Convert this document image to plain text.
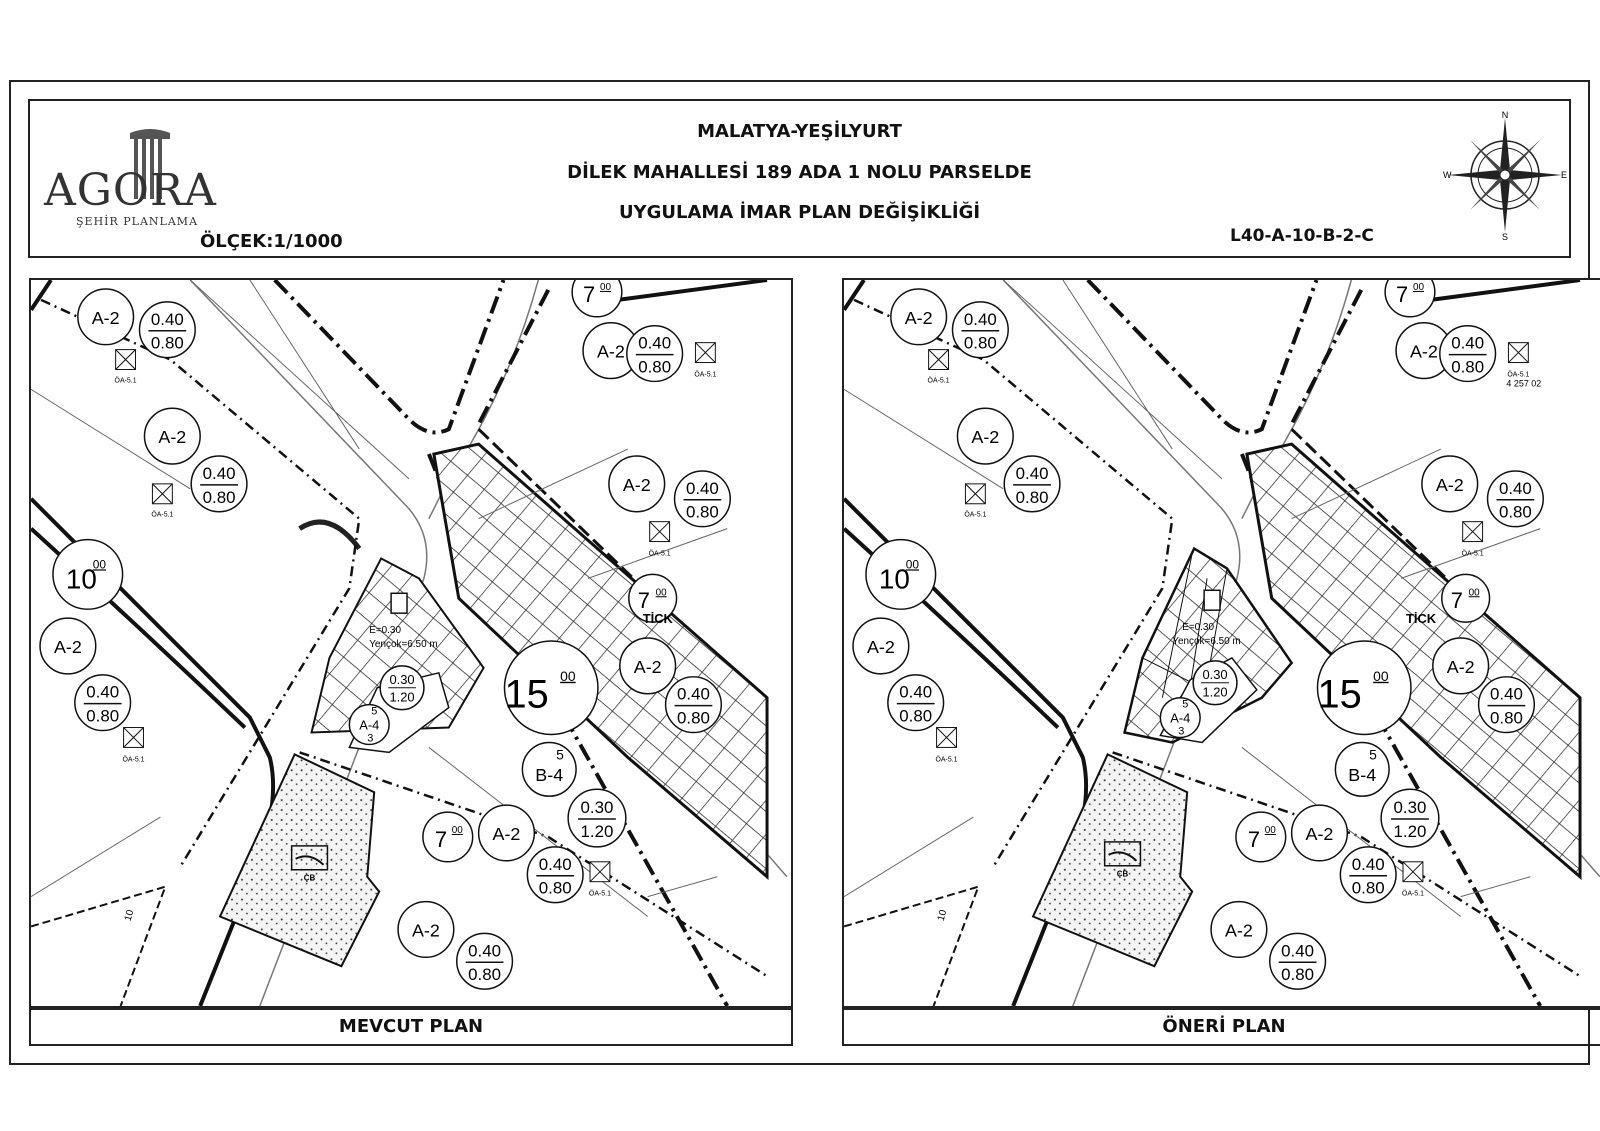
AGORA
ŞEHİR PLANLAMA
MALATYA-YEŞİLYURT
DİLEK MAHALLESİ 189 ADA 1 NOLU PARSELDE
UYGULAMA İMAR PLAN DEĞİŞİKLİĞİ
ÖLÇEK:1/1000	L40-A-10-B-2-C
N
S
W	E
10
00
15 00
7 00
7 00
7 00
A-2 0.40
0.80
ÖA-5.1
A-2
0.40
0.80
ÖA-5.1
A-2 0.40
0.80	ÖA-5.1
A-2 0.40
0.80
ÖA-5.1
A-2
0.40
0.80
ÖA-5.1
A-2
0.40
0.80
TİCK
A-2
0.40
0.80 ÖA-5.1
A-2
0.40
0.80
5
B-4
0.30
1.20
E=0.30
Yençok=6.50 m
0.30
1.20
5
A-4
3
ÇB
10
10
00
15 00
7 00
7 00
7 00
A-2 0.40
0.80
ÖA-5.1
A-2
0.40
0.80
ÖA-5.1
A-2 0.40
0.80	ÖA-5.1
4 257 02
A-2 0.40
0.80
ÖA-5.1
A-2
0.40
0.80
ÖA-5.1
A-2
0.40
0.80
TİCK
A-2
0.40
0.80 ÖA-5.1
A-2
0.40
0.80
5
B-4
0.30
1.20
E=0.30
Yençok=6.50 m
0.30
1.20
5
A-4
3
ÇB
10
MEVCUT PLAN	ÖNERİ PLAN
